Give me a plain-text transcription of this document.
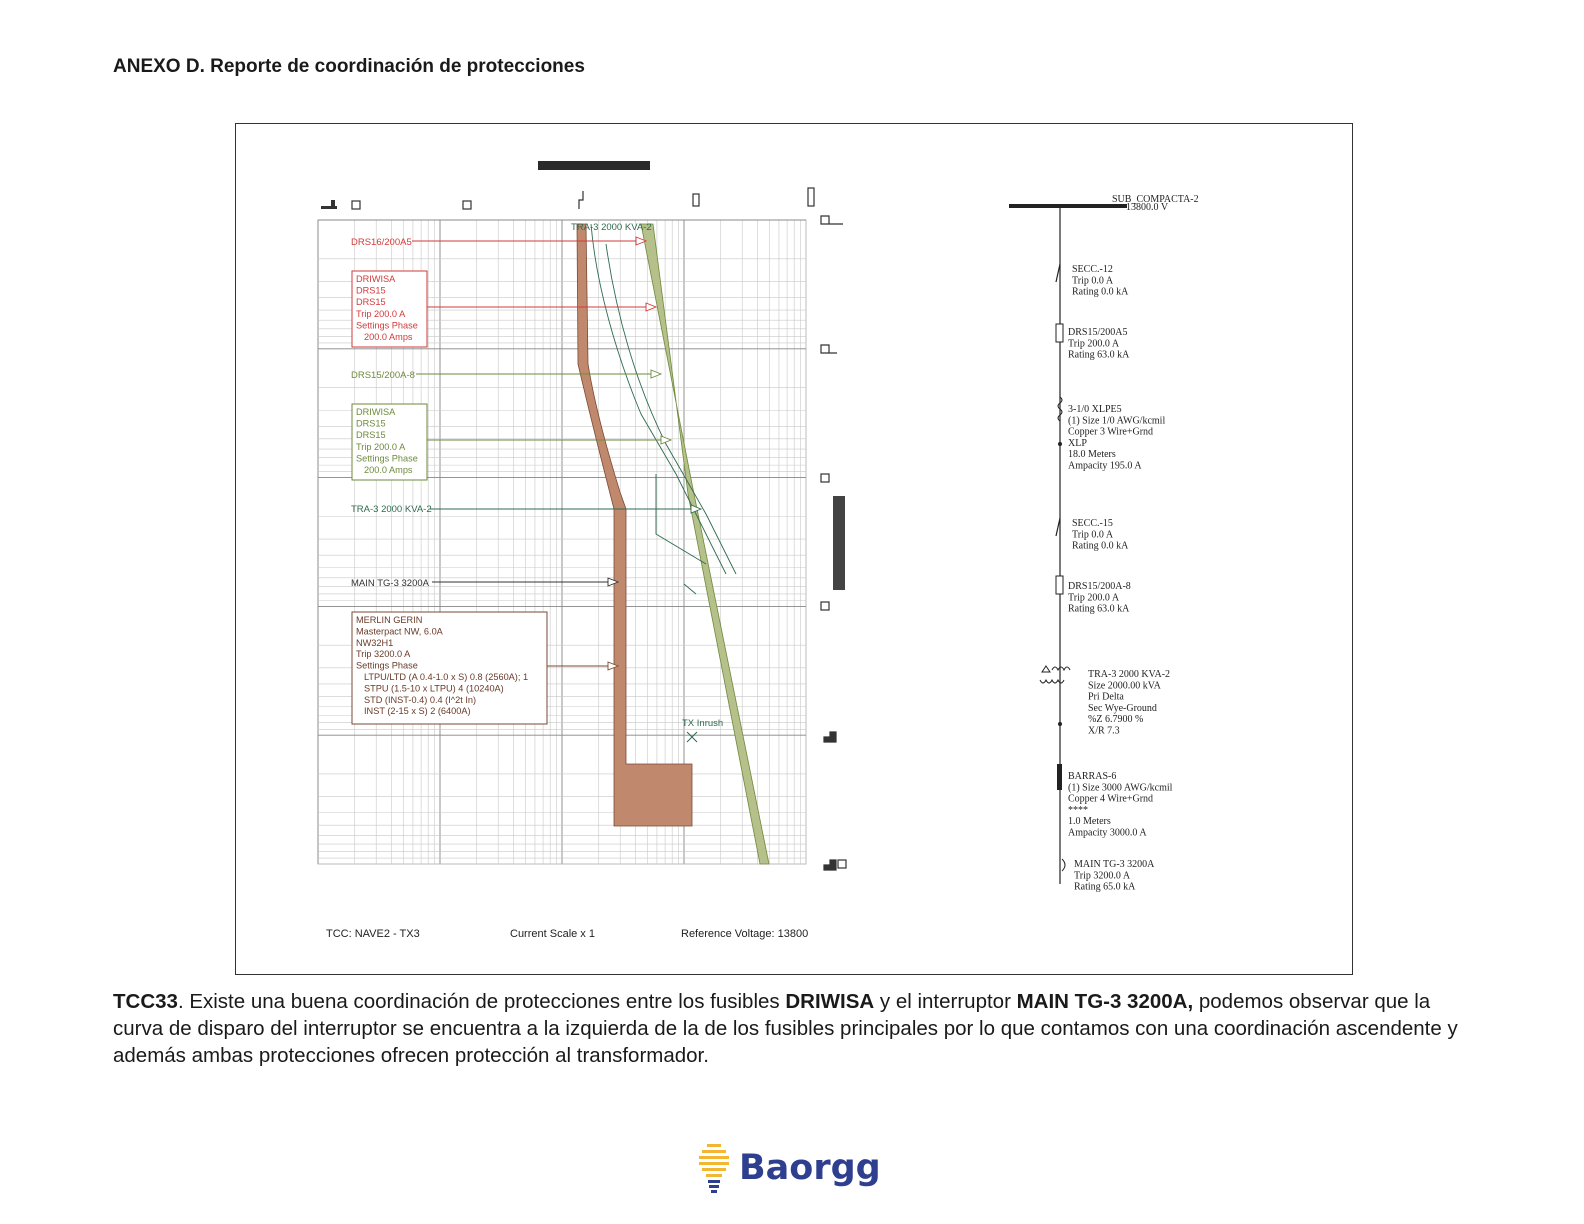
ANEXO D. Reporte de coordinación de protecciones
DRS16/200A5
DRS15/200A-8
TRA-3 2000 KVA-2
TRA-3 2000 KVA-2
MAIN TG-3 3200A
TX Inrush
DRIWISA
DRS15
DRS15
Trip 200.0 A
Settings Phase
200.0 Amps
DRIWISA
DRS15
DRS15
Trip 200.0 A
Settings Phase
200.0 Amps
MERLIN GERIN
Masterpact NW, 6.0A
NW32H1
Trip 3200.0 A
Settings Phase
LTPU/LTD (A 0.4-1.0 x S) 0.8 (2560A); 1
STPU (1.5-10 x LTPU) 4 (10240A)
STD (INST-0.4) 0.4 (I^2t In)
INST (2-15 x S) 2 (6400A)
TCC: NAVE2 - TX3	Current Scale x 1	Reference Voltage: 13800
SUB_COMPACTA-2
13800.0 V
SECC.-12
Trip 0.0 A
Rating 0.0 kA
DRS15/200A5
Trip 200.0 A
Rating 63.0 kA
3-1/0 XLPE5
(1) Size 1/0 AWG/kcmil
Copper 3 Wire+Grnd
XLP
18.0 Meters
Ampacity 195.0 A
SECC.-15
Trip 0.0 A
Rating 0.0 kA
DRS15/200A-8
Trip 200.0 A
Rating 63.0 kA
TRA-3 2000 KVA-2
Size 2000.00 kVA
Pri Delta
Sec Wye-Ground
%Z 6.7900 %
X/R 7.3
BARRAS-6
(1) Size 3000 AWG/kcmil
Copper 4 Wire+Grnd
****
1.0 Meters
Ampacity 3000.0 A
MAIN TG-3 3200A
Trip 3200.0 A
Rating 65.0 kA
TCC33. Existe una buena coordinación de protecciones entre los fusibles DRIWISA y el interruptor MAIN TG-3 3200A, podemos observar que la curva de disparo del interruptor se encuentra a la izquierda de la de los fusibles principales por lo que contamos con una coordinación ascendente y además ambas protecciones ofrecen protección al transformador.
Baorgg
